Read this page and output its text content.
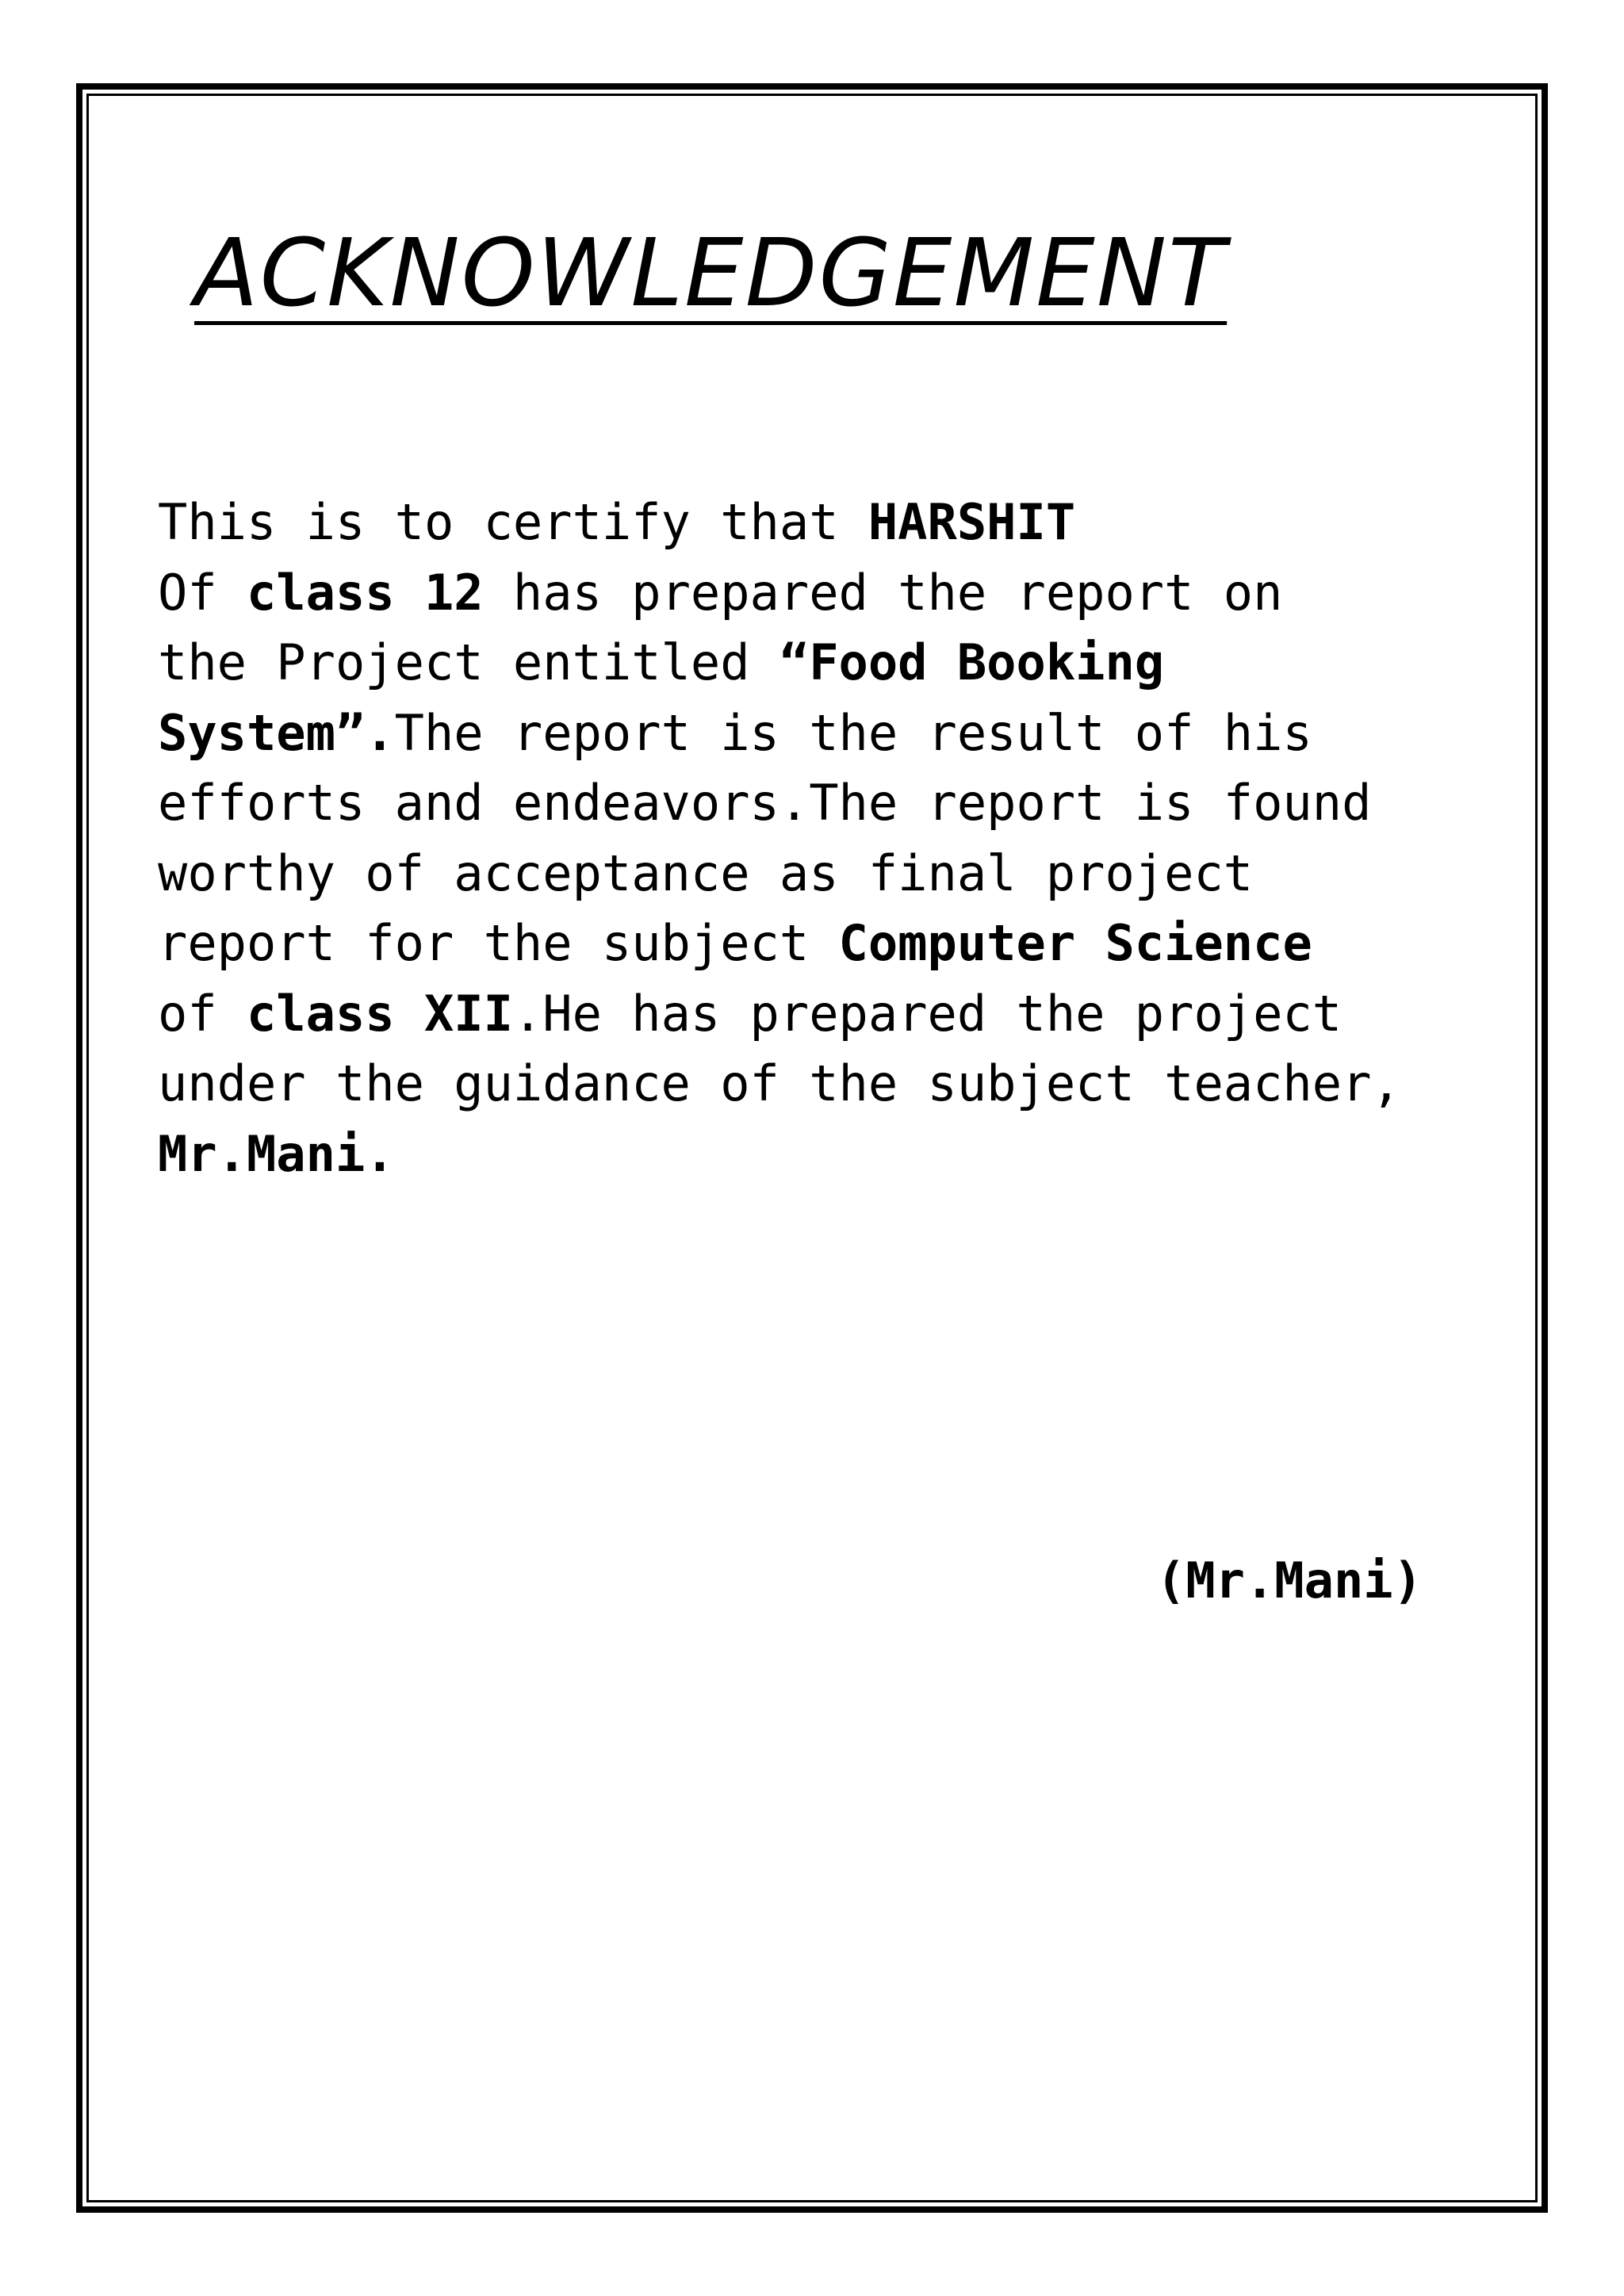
ACKNOWLEDGEMENT
This is to certify that HARSHIT
Of class 12 has prepared the report on
the Project entitled “Food Booking
System”.The report is the result of his
efforts and endeavors.The report is found
worthy of acceptance as final project
report for the subject Computer Science
of class XII.He has prepared the project
under the guidance of the subject teacher,
Mr.Mani.
(Mr.Mani)
